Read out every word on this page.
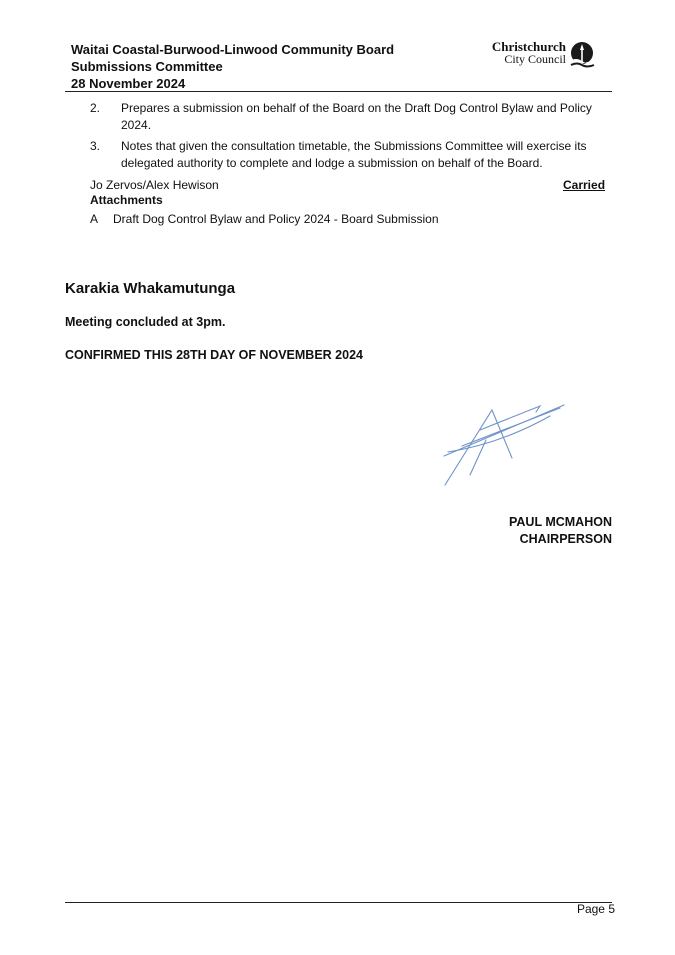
Waitai Coastal-Burwood-Linwood Community Board
Submissions Committee
28 November 2024
Christchurch
City Council
2. Prepares a submission on behalf of the Board on the Draft Dog Control Bylaw and Policy 2024.
3. Notes that given the consultation timetable, the Submissions Committee will exercise its delegated authority to complete and lodge a submission on behalf of the Board.
Jo Zervos/Alex Hewison	Carried
Attachments
A Draft Dog Control Bylaw and Policy 2024 - Board Submission
Karakia Whakamutunga
Meeting concluded at 3pm.
CONFIRMED THIS 28TH DAY OF NOVEMBER 2024
PAUL MCMAHON
CHAIRPERSON
Page 5
